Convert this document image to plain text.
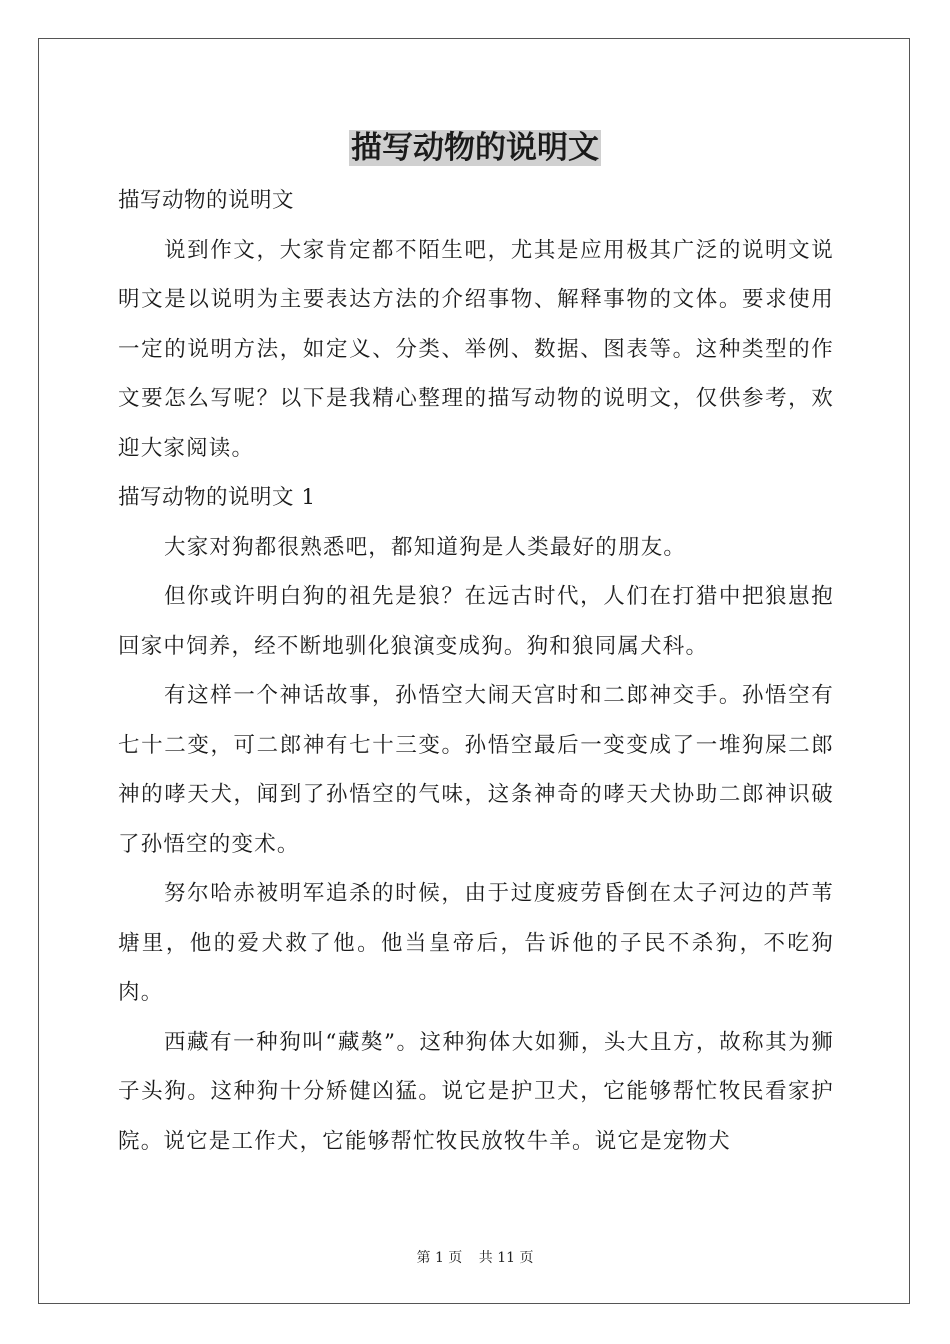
描写动物的说明文

描写动物的说明文

说到作文，大家肯定都不陌生吧，尤其是应用极其广泛的说明文说明文是以说明为主要表达方法的介绍事物、解释事物的文体。要求使用一定的说明方法，如定义、分类、举例、数据、图表等。这种类型的作文要怎么写呢？以下是我精心整理的描写动物的说明文，仅供参考，欢迎大家阅读。

描写动物的说明文 1

大家对狗都很熟悉吧，都知道狗是人类最好的朋友。

但你或许明白狗的祖先是狼？在远古时代，人们在打猎中把狼崽抱回家中饲养，经不断地驯化狼演变成狗。狗和狼同属犬科。

有这样一个神话故事，孙悟空大闹天宫时和二郎神交手。孙悟空有七十二变，可二郎神有七十三变。孙悟空最后一变变成了一堆狗屎二郎神的哮天犬，闻到了孙悟空的气味，这条神奇的哮天犬协助二郎神识破了孙悟空的变术。

努尔哈赤被明军追杀的时候，由于过度疲劳昏倒在太子河边的芦苇塘里，他的爱犬救了他。他当皇帝后，告诉他的子民不杀狗，不吃狗肉。

西藏有一种狗叫“藏獒”。这种狗体大如狮，头大且方，故称其为狮子头狗。这种狗十分矫健凶猛。说它是护卫犬，它能够帮忙牧民看家护院。说它是工作犬，它能够帮忙牧民放牧牛羊。说它是宠物犬

第 1 页 共 11 页
